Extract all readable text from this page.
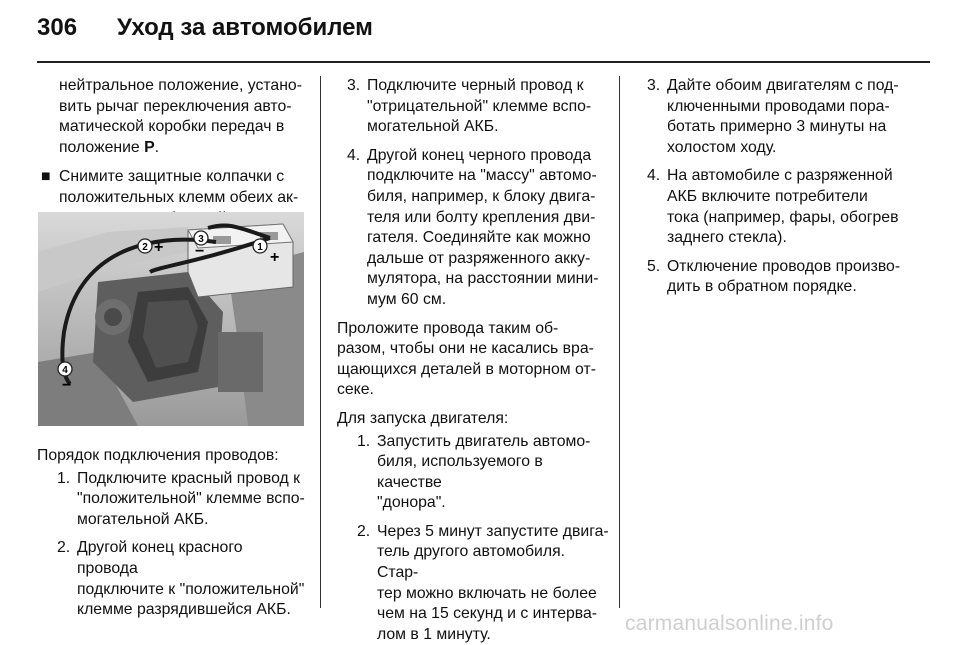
306	Уход за автомобилем
нейтральное положение, устано-
вить рычаг переключения авто-
матической коробки передач в
положение P.
■ Снимите защитные колпачки с
положительных клемм обеих ак-
1
+
2 +	3
−
4
−
Порядок подключения проводов:
1. Подключите красный провод к
"положительной" клемме вспо-
могательной АКБ.
2. Другой конец красного провода
подключите к "положительной"
клемме разрядившейся АКБ.
3. Подключите черный провод к
"отрицательной" клемме вспо-
могательной АКБ.
4. Другой конец черного провода
подключите на "массу" автомо-
биля, например, к блоку двига-
теля или болту крепления дви-
гателя. Соединяйте как можно
дальше от разряженного акку-
мулятора, на расстоянии мини-
мум 60 см.
Проложите провода таким об-
разом, чтобы они не касались вра-
щающихся деталей в моторном от-
секе.
Для запуска двигателя:
1. Запустить двигатель автомо-
биля, используемого в качестве
"донора".
2. Через 5 минут запустите двига-
тель другого автомобиля. Стар-
тер можно включать не более
чем на 15 секунд и с интерва-
лом в 1 минуту.
3. Дайте обоим двигателям с под-
ключенными проводами пора-
ботать примерно 3 минуты на
холостом ходу.
4. На автомобиле с разряженной
АКБ включите потребители
тока (например, фары, обогрев
заднего стекла).
5. Отключение проводов произво-
дить в обратном порядке.
carmanualsonline.info
